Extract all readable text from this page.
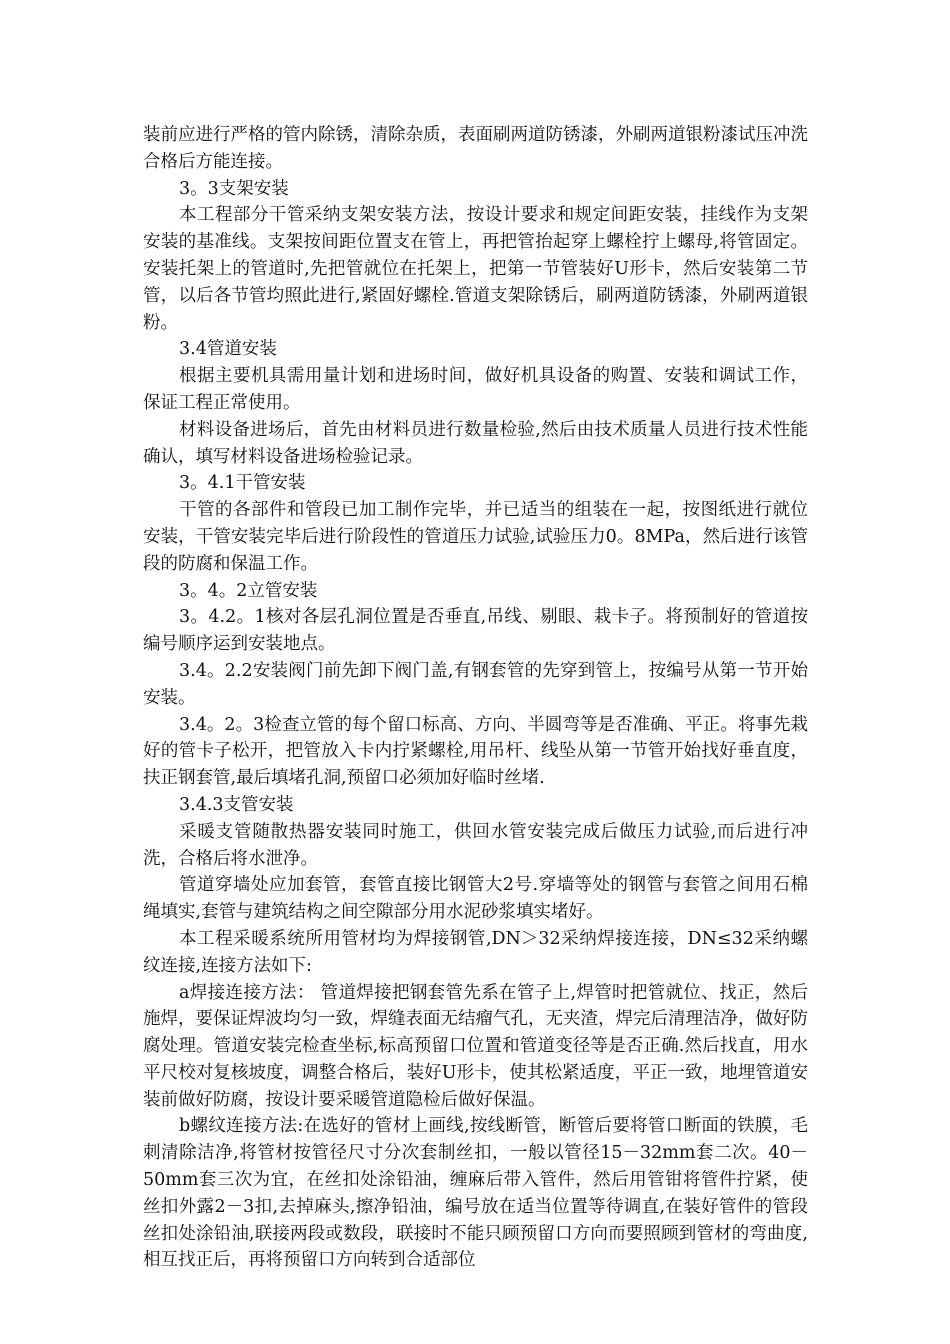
装前应进行严格的管内除锈，清除杂质，表面刷两道防锈漆，外刷两道银粉漆试压冲洗合格后方能连接。

3。3支架安装

本工程部分干管采纳支架安装方法，按设计要求和规定间距安装，挂线作为支架安装的基准线。支架按间距位置支在管上，再把管抬起穿上螺栓拧上螺母,将管固定。安装托架上的管道时,先把管就位在托架上，把第一节管装好U形卡，然后安装第二节管，以后各节管均照此进行,紧固好螺栓.管道支架除锈后，刷两道防锈漆，外刷两道银粉。

3.4管道安装

根据主要机具需用量计划和进场时间，做好机具设备的购置、安装和调试工作，保证工程正常使用。

材料设备进场后，首先由材料员进行数量检验,然后由技术质量人员进行技术性能确认，填写材料设备进场检验记录。

3。4.1干管安装

干管的各部件和管段已加工制作完毕，并已适当的组装在一起，按图纸进行就位安装，干管安装完毕后进行阶段性的管道压力试验,试验压力0。8MPa，然后进行该管段的防腐和保温工作。

3。4。2立管安装

3。4.2。1核对各层孔洞位置是否垂直,吊线、剔眼、栽卡子。将预制好的管道按编号顺序运到安装地点。

3.4。2.2安装阀门前先卸下阀门盖,有钢套管的先穿到管上，按编号从第一节开始安装。

3.4。2。3检查立管的每个留口标高、方向、半圆弯等是否准确、平正。将事先栽好的管卡子松开，把管放入卡内拧紧螺栓,用吊杆、线坠从第一节管开始找好垂直度，扶正钢套管,最后填堵孔洞,预留口必须加好临时丝堵.

3.4.3支管安装

采暖支管随散热器安装同时施工，供回水管安装完成后做压力试验,而后进行冲洗，合格后将水泄净。

管道穿墙处应加套管，套管直接比钢管大2号.穿墙等处的钢管与套管之间用石棉绳填实,套管与建筑结构之间空隙部分用水泥砂浆填实堵好。

本工程采暖系统所用管材均为焊接钢管,DN＞32采纳焊接连接，DN≤32采纳螺纹连接,连接方法如下:

a焊接连接方法： 管道焊接把钢套管先系在管子上,焊管时把管就位、找正，然后施焊，要保证焊波均匀一致，焊缝表面无结瘤气孔，无夹渣，焊完后清理洁净，做好防腐处理。管道安装完检查坐标,标高预留口位置和管道变径等是否正确.然后找直，用水平尺校对复核坡度，调整合格后，装好U形卡，使其松紧适度，平正一致，地埋管道安装前做好防腐，按设计要采暖管道隐检后做好保温。

b螺纹连接方法:在选好的管材上画线,按线断管，断管后要将管口断面的铁膜，毛刺清除洁净,将管材按管径尺寸分次套制丝扣，一般以管径15－32mm套二次。40－50mm套三次为宜，在丝扣处涂铅油，缠麻后带入管件，然后用管钳将管件拧紧，使丝扣外露2－3扣,去掉麻头,擦净铅油，编号放在适当位置等待调直,在装好管件的管段丝扣处涂铅油,联接两段或数段，联接时不能只顾预留口方向而要照顾到管材的弯曲度,相互找正后，再将预留口方向转到合适部位
